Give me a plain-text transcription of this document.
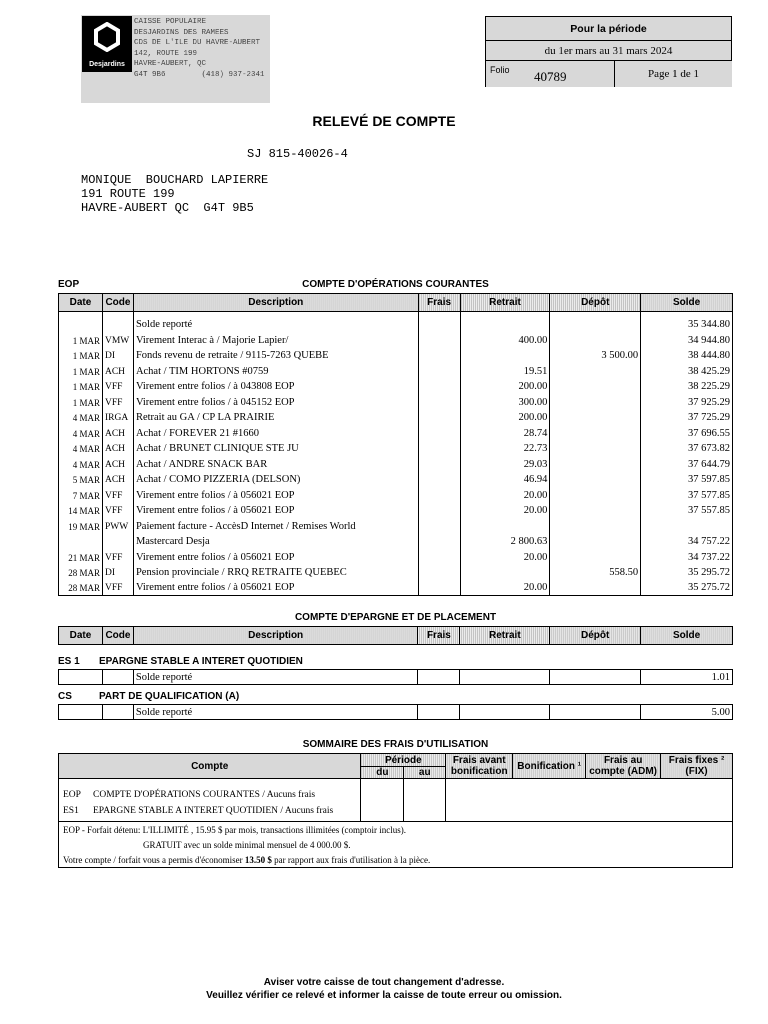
Desjardins
CAISSE POPULAIRE
DESJARDINS DES RAMEES
CDS DE L'ILE DU HAVRE-AUBERT
142, ROUTE 199
HAVRE-AUBERT, QC
G4T 9B6        (418) 937-2341
Pour la période
du 1er mars au 31 mars 2024
Folio 40789	Page 1 de 1
RELEVÉ DE COMPTE
SJ 815-40026-4
MONIQUE  BOUCHARD LAPIERRE
191 ROUTE 199
HAVRE-AUBERT QC  G4T 9B5
EOP	COMPTE D'OPÉRATIONS COURANTES
Date	Code	Description	Frais	Retrait	Dépôt	Solde
		Solde reporté				35 344.80
1 MAR	VMW	Virement Interac à / Majorie Lapier/		400.00		34 944.80
1 MAR	DI	Fonds revenu de retraite / 9115-7263 QUEBE			3 500.00	38 444.80
1 MAR	ACH	Achat / TIM HORTONS #0759		19.51		38 425.29
1 MAR	VFF	Virement entre folios / à 043808 EOP		200.00		38 225.29
1 MAR	VFF	Virement entre folios / à 045152 EOP		300.00		37 925.29
4 MAR	IRGA	Retrait au GA / CP LA PRAIRIE		200.00		37 725.29
4 MAR	ACH	Achat / FOREVER 21 #1660		28.74		37 696.55
4 MAR	ACH	Achat / BRUNET CLINIQUE STE JU		22.73		37 673.82
4 MAR	ACH	Achat / ANDRE SNACK BAR		29.03		37 644.79
5 MAR	ACH	Achat / COMO PIZZERIA (DELSON)		46.94		37 597.85
7 MAR	VFF	Virement entre folios / à 056021 EOP		20.00		37 577.85
14 MAR	VFF	Virement entre folios / à 056021 EOP		20.00		37 557.85
19 MAR	PWW	Paiement facture - AccèsD Internet / Remises World				
		Mastercard Desja		2 800.63		34 757.22
21 MAR	VFF	Virement entre folios / à 056021 EOP		20.00		34 737.22
28 MAR	DI	Pension provinciale / RRQ RETRAITE QUEBEC			558.50	35 295.72
28 MAR	VFF	Virement entre folios / à 056021 EOP		20.00		35 275.72
COMPTE D'EPARGNE ET DE PLACEMENT
Date	Code	Description	Frais	Retrait	Dépôt	Solde
ES 1 EPARGNE STABLE A INTERET QUOTIDIEN
		Solde reporté				1.01
CS	PART DE QUALIFICATION (A)
		Solde reporté				5.00
SOMMAIRE DES FRAIS D'UTILISATION
Compte	Période		Frais avant bonification	Bonification ¹	Frais au compte (ADM)	Frais fixes ² (FIX)
	du	au				

EOP COMPTE D'OPÉRATIONS COURANTES / Aucuns frais
ES1 EPARGNE STABLE A INTERET QUOTIDIEN / Aucuns frais						

EOP - Forfait détenu: L'ILLIMITÉ , 15.95 $ par mois, transactions illimitées (comptoir inclus).
GRATUIT avec un solde minimal mensuel de 4 000.00 $.
Votre compte / forfait vous a permis d'économiser 13.50 $ par rapport aux frais d'utilisation à la pièce.
Aviser votre caisse de tout changement d'adresse.
Veuillez vérifier ce relevé et informer la caisse de toute erreur ou omission.
